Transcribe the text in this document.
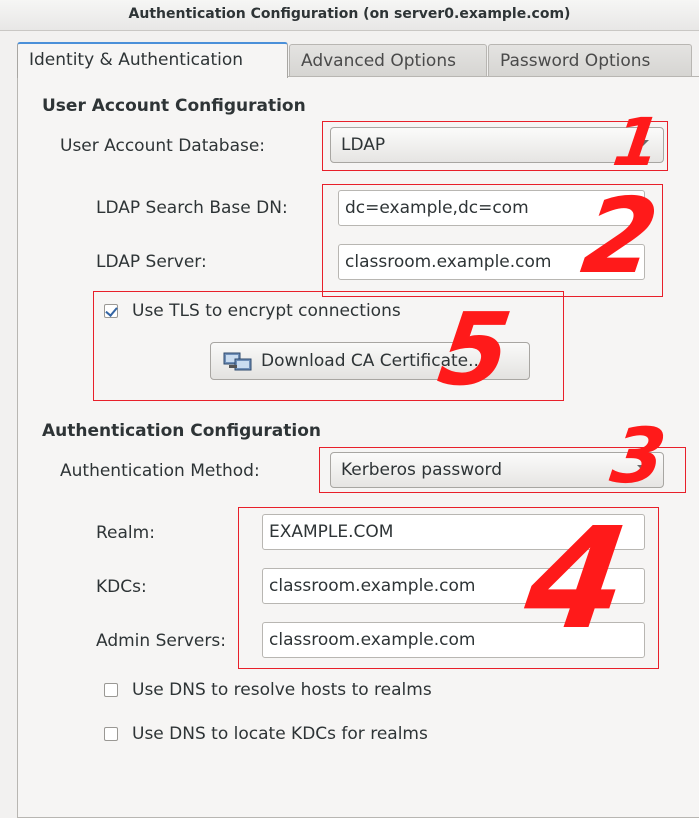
Authentication Configuration (on server0.example.com)
Identity & Authentication	Advanced Options	Password Options
User Account Configuration
User Account Database:	LDAP
LDAP Search Base DN:	dc=example,dc=com
LDAP Server:	classroom.example.com
Use TLS to encrypt connections
Download CA Certificate...
Authentication Configuration
Authentication Method:	Kerberos password
Realm:	EXAMPLE.COM
KDCs:	classroom.example.com
Admin Servers:	classroom.example.com
Use DNS to resolve hosts to realms
Use DNS to locate KDCs for realms
1
2
5
3
4
